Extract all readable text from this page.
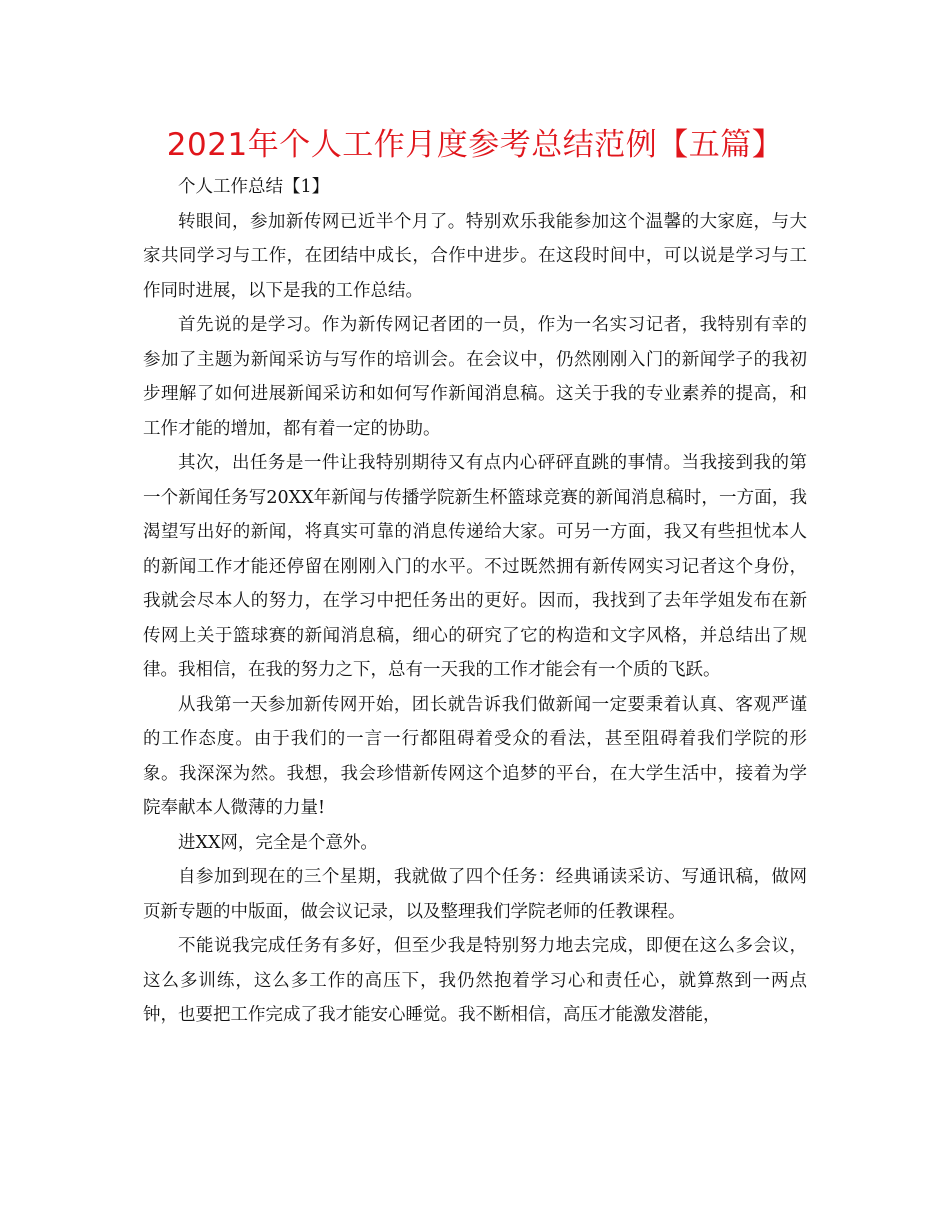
2021年个人工作月度参考总结范例【五篇】

个人工作总结【1】

转眼间，参加新传网已近半个月了。特别欢乐我能参加这个温馨的大家庭，与大家共同学习与工作，在团结中成长，合作中进步。在这段时间中，可以说是学习与工作同时进展，以下是我的工作总结。

首先说的是学习。作为新传网记者团的一员，作为一名实习记者，我特别有幸的参加了主题为新闻采访与写作的培训会。在会议中，仍然刚刚入门的新闻学子的我初步理解了如何进展新闻采访和如何写作新闻消息稿。这关于我的专业素养的提高，和工作才能的增加，都有着一定的协助。

其次，出任务是一件让我特别期待又有点内心砰砰直跳的事情。当我接到我的第一个新闻任务写20XX年新闻与传播学院新生杯篮球竞赛的新闻消息稿时，一方面，我渴望写出好的新闻，将真实可靠的消息传递给大家。可另一方面，我又有些担忧本人的新闻工作才能还停留在刚刚入门的水平。不过既然拥有新传网实习记者这个身份，我就会尽本人的努力，在学习中把任务出的更好。因而，我找到了去年学姐发布在新传网上关于篮球赛的新闻消息稿，细心的研究了它的构造和文字风格，并总结出了规律。我相信，在我的努力之下，总有一天我的工作才能会有一个质的飞跃。

从我第一天参加新传网开始，团长就告诉我们做新闻一定要秉着认真、客观严谨的工作态度。由于我们的一言一行都阻碍着受众的看法，甚至阻碍着我们学院的形象。我深深为然。我想，我会珍惜新传网这个追梦的平台，在大学生活中，接着为学院奉献本人微薄的力量!

进XX网，完全是个意外。

自参加到现在的三个星期，我就做了四个任务：经典诵读采访、写通讯稿，做网页新专题的中版面，做会议记录，以及整理我们学院老师的任教课程。

不能说我完成任务有多好，但至少我是特别努力地去完成，即便在这么多会议，这么多训练，这么多工作的高压下，我仍然抱着学习心和责任心，就算熬到一两点钟，也要把工作完成了我才能安心睡觉。我不断相信，高压才能激发潜能，
